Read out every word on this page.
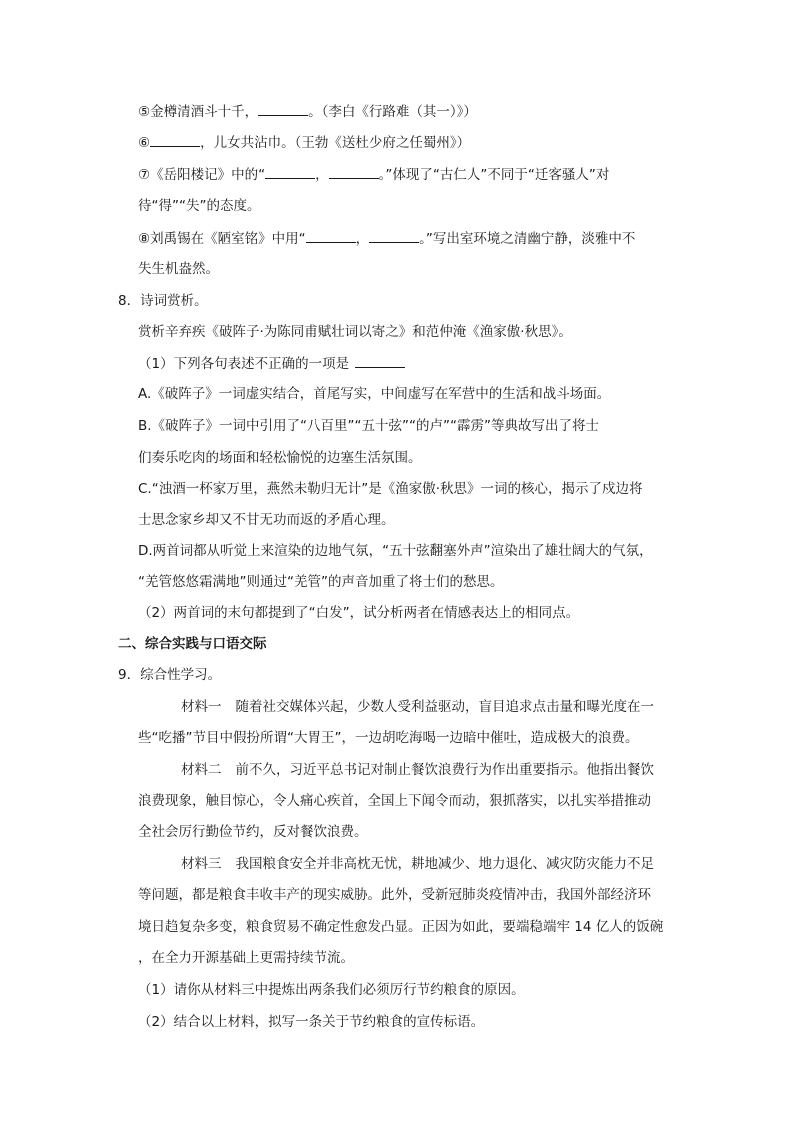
⑤金樽清酒斗十千，	。（李白《行路难（其一）》）
⑥	，儿女共沾巾。（王勃《送杜少府之任蜀州》）
⑦《岳阳楼记》中的“	，	。”体现了“古仁人”不同于“迁客骚人”对
待“得”“失”的态度。
⑧刘禹锡在《陋室铭》中用“	，	。”写出室环境之清幽宁静，淡雅中不
失生机盎然。
8．诗词赏析。
赏析辛弃疾《破阵子·为陈同甫赋壮词以寄之》和范仲淹《渔家傲·秋思》。
（1）下列各句表述不正确的一项是
A.《破阵子》一词虚实结合，首尾写实，中间虚写在军营中的生活和战斗场面。
B.《破阵子》一词中引用了“八百里”“五十弦”“的卢”“霹雳”等典故写出了将士
们奏乐吃肉的场面和轻松愉悦的边塞生活氛围。
C.“浊酒一杯家万里，燕然未勒归无计”是《渔家傲·秋思》一词的核心，揭示了戍边将
士思念家乡却又不甘无功而返的矛盾心理。
D.两首词都从听觉上来渲染的边地气氛，“五十弦翻塞外声”渲染出了雄壮阔大的气氛，
“羌管悠悠霜满地”则通过“羌管”的声音加重了将士们的愁思。
（2）两首词的末句都提到了“白发”，试分析两者在情感表达上的相同点。
二、综合实践与口语交际
9．综合性学习。
材料一 随着社交媒体兴起，少数人受利益驱动，盲目追求点击量和曝光度在一
些“吃播”节目中假扮所谓“大胃王”，一边胡吃海喝一边暗中催吐，造成极大的浪费。
材料二 前不久，习近平总书记对制止餐饮浪费行为作出重要指示。他指出餐饮
浪费现象，触目惊心，令人痛心疾首，全国上下闻令而动，狠抓落实，以扎实举措推动
全社会厉行勤俭节约，反对餐饮浪费。
材料三 我国粮食安全并非高枕无忧，耕地减少、地力退化、减灾防灾能力不足
等问题，都是粮食丰收丰产的现实威胁。此外，受新冠肺炎疫情冲击，我国外部经济环
境日趋复杂多变，粮食贸易不确定性愈发凸显。正因为如此，要端稳端牢 14 亿人的饭碗
，在全力开源基础上更需持续节流。
（1）请你从材料三中提炼出两条我们必须厉行节约粮食的原因。
（2）结合以上材料，拟写一条关于节约粮食的宣传标语。
